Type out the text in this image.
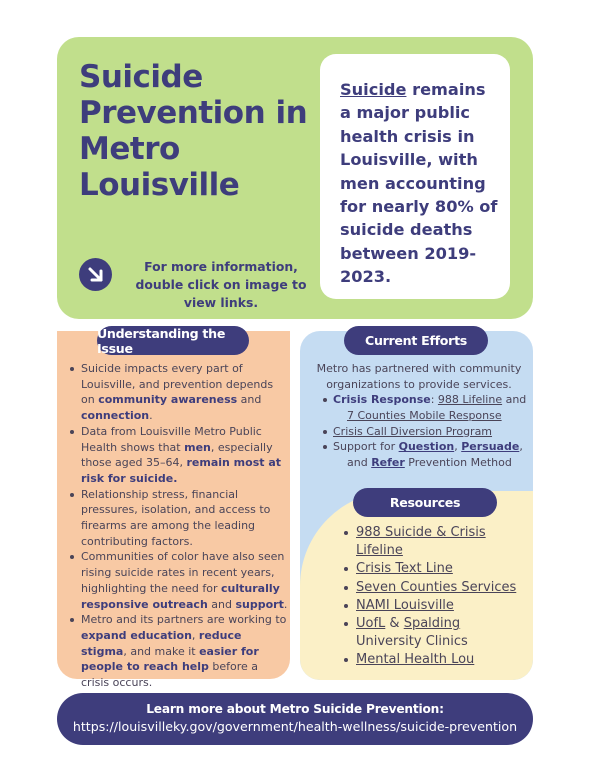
Suicide Prevention in Metro Louisville
Suicide remains a major public health crisis in Louisville, with men accounting for nearly 80% of suicide deaths between 2019-2023.
For more information, double click on image to view links.
Suicide impacts every part of Louisville, and prevention depends on community awareness and connection.
Data from Louisville Metro Public Health shows that men, especially those aged 35–64, remain most at risk for suicide.
Relationship stress, financial pressures, isolation, and access to firearms are among the leading contributing factors.
Communities of color have also seen rising suicide rates in recent years, highlighting the need for culturally responsive outreach and support.
Metro and its partners are working to expand education, reduce stigma, and make it easier for people to reach help before a crisis occurs.
Understanding the Issue
Metro has partnered with community organizations to provide services.
Crisis Response: 988 Lifeline and
7 Counties Mobile Response
Crisis Call Diversion Program
Support for Question, Persuade,
and Refer Prevention Method
988 Suicide & Crisis Lifeline
Crisis Text Line
Seven Counties Services
NAMI Louisville
UofL & Spalding
University Clinics
Mental Health Lou
Current Efforts
Resources
Learn more about Metro Suicide Prevention:
https://louisvilleky.gov/government/health-wellness/suicide-prevention
